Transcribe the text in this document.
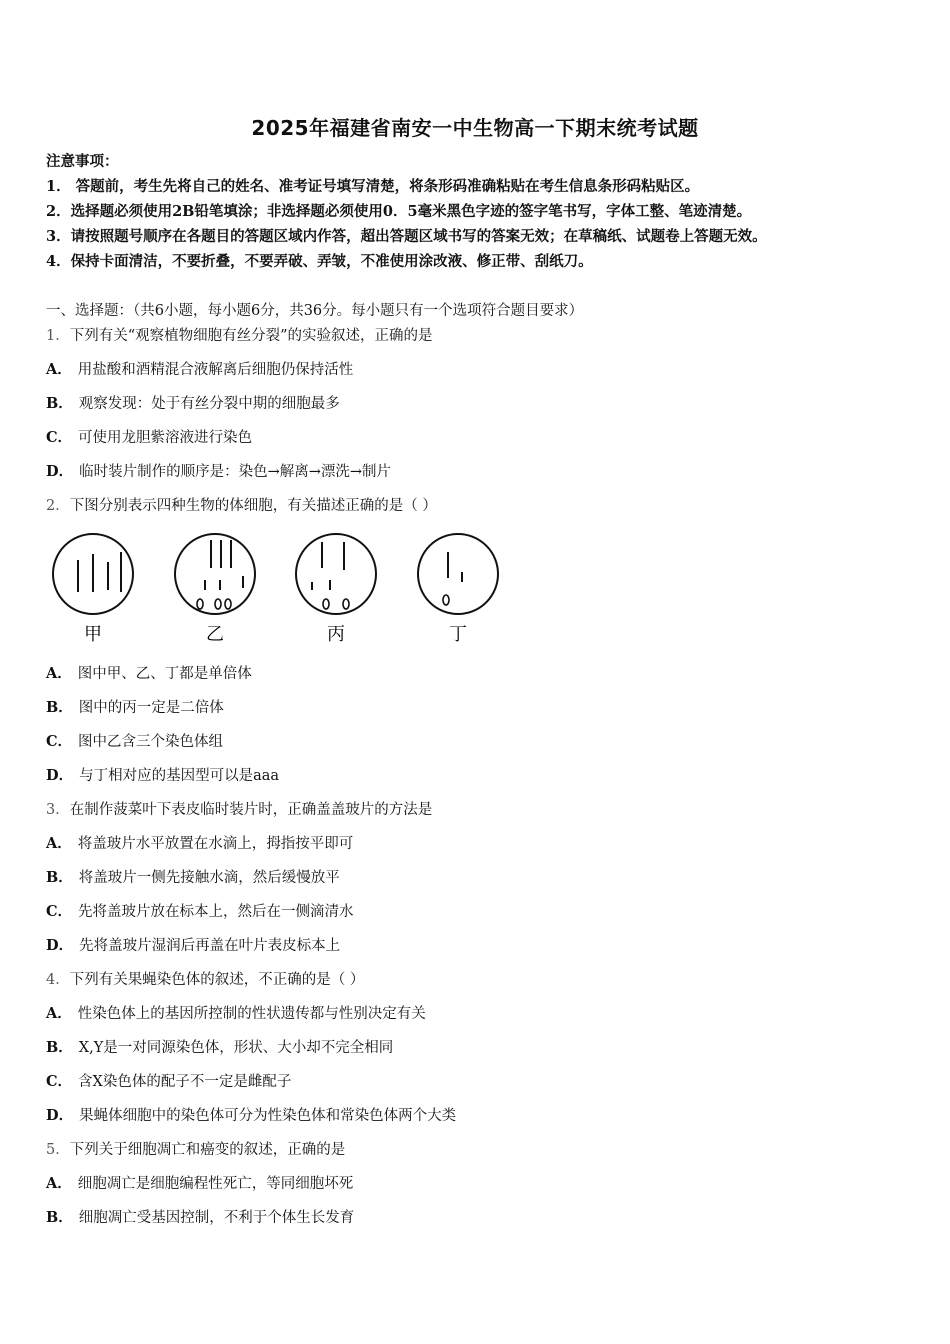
2025年福建省南安一中生物高一下期末统考试题
注意事项：
1． 答题前，考生先将自己的姓名、准考证号填写清楚，将条形码准确粘贴在考生信息条形码粘贴区。
2．选择题必须使用2B铅笔填涂；非选择题必须使用0．5毫米黑色字迹的签字笔书写，字体工整、笔迹清楚。
3．请按照题号顺序在各题目的答题区域内作答，超出答题区域书写的答案无效；在草稿纸、试题卷上答题无效。
4．保持卡面清洁，不要折叠，不要弄破、弄皱，不准使用涂改液、修正带、刮纸刀。
一、选择题：（共6小题，每小题6分，共36分。每小题只有一个选项符合题目要求）
1．下列有关“观察植物细胞有丝分裂”的实验叙述，正确的是
A． 用盐酸和酒精混合液解离后细胞仍保持活性
B． 观察发现：处于有丝分裂中期的细胞最多
C． 可使用龙胆紫溶液进行染色
D． 临时装片制作的顺序是：染色→解离→漂洗→制片
2．下图分别表示四种生物的体细胞，有关描述正确的是（ ）
甲	乙	丙	丁
A． 图中甲、乙、丁都是单倍体
B． 图中的丙一定是二倍体
C． 图中乙含三个染色体组
D． 与丁相对应的基因型可以是aaa
3．在制作菠菜叶下表皮临时装片时，正确盖盖玻片的方法是
A． 将盖玻片水平放置在水滴上，拇指按平即可
B． 将盖玻片一侧先接触水滴，然后缓慢放平
C． 先将盖玻片放在标本上，然后在一侧滴清水
D． 先将盖玻片湿润后再盖在叶片表皮标本上
4．下列有关果蝇染色体的叙述，不正确的是（ ）
A． 性染色体上的基因所控制的性状遗传都与性别决定有关
B． X,Y是一对同源染色体，形状、大小却不完全相同
C． 含X染色体的配子不一定是雌配子
D． 果蝇体细胞中的染色体可分为性染色体和常染色体两个大类
5．下列关于细胞凋亡和癌变的叙述，正确的是
A． 细胞凋亡是细胞编程性死亡，等同细胞坏死
B． 细胞凋亡受基因控制，不利于个体生长发育
